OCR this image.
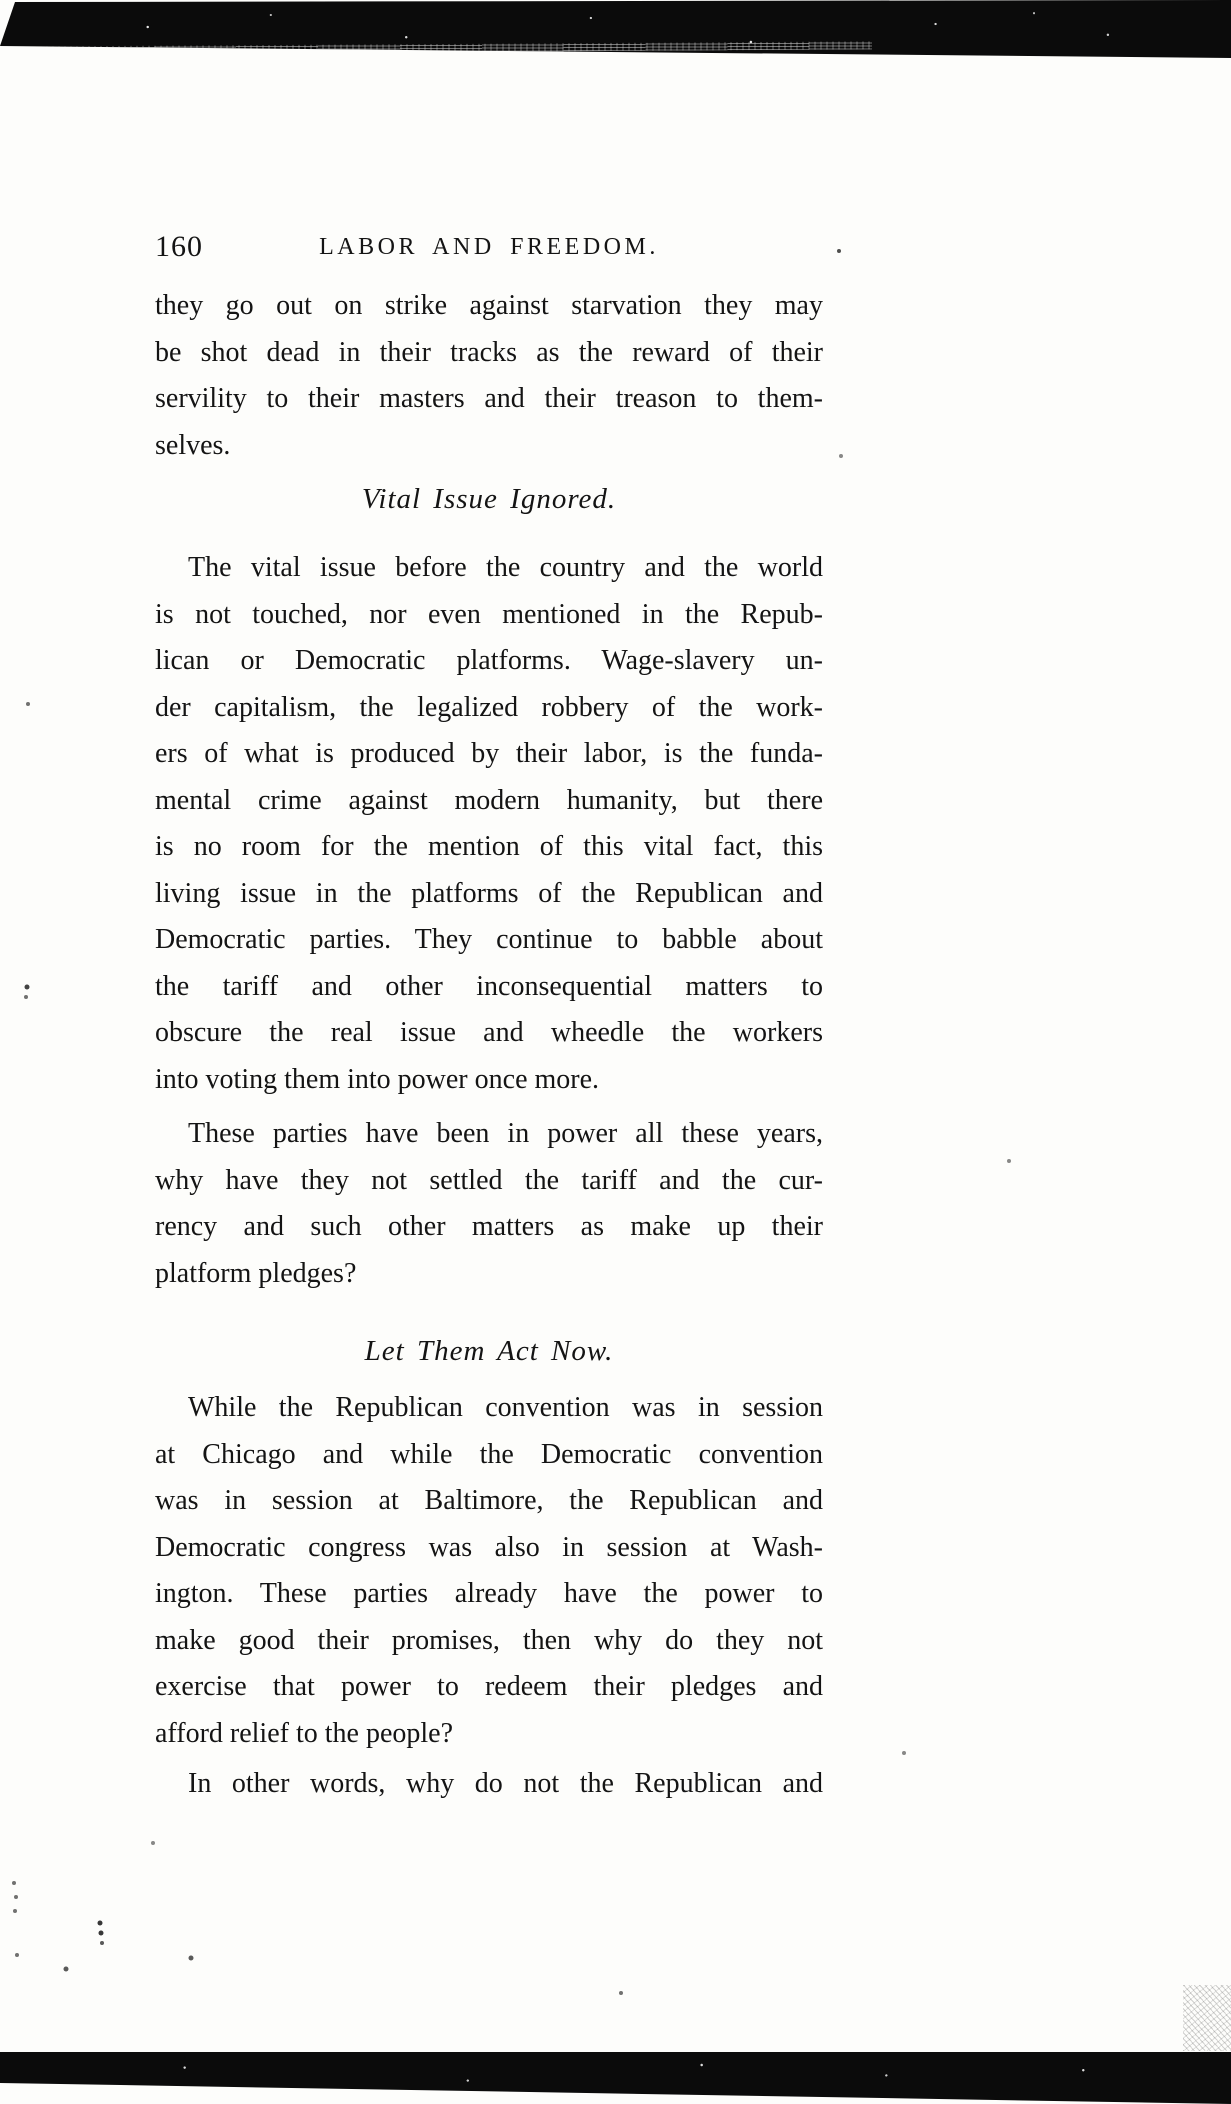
160	LABOR AND FREEDOM.
they go out on strike against starvation they may
be shot dead in their tracks as the reward of their
servility to their masters and their treason to them-
selves.
Vital Issue Ignored.
The vital issue before the country and the world
is not touched, nor even mentioned in the Repub-
lican or Democratic platforms. Wage-slavery un-
der capitalism, the legalized robbery of the work-
ers of what is produced by their labor, is the funda-
mental crime against modern humanity, but there
is no room for the mention of this vital fact, this
living issue in the platforms of the Republican and
Democratic parties. They continue to babble about
the tariff and other inconsequential matters to
obscure the real issue and wheedle the workers
into voting them into power once more.
These parties have been in power all these years,
why have they not settled the tariff and the cur-
rency and such other matters as make up their
platform pledges?
Let Them Act Now.
While the Republican convention was in session
at Chicago and while the Democratic convention
was in session at Baltimore, the Republican and
Democratic congress was also in session at Wash-
ington. These parties already have the power to
make good their promises, then why do they not
exercise that power to redeem their pledges and
afford relief to the people?
In other words, why do not the Republican and
